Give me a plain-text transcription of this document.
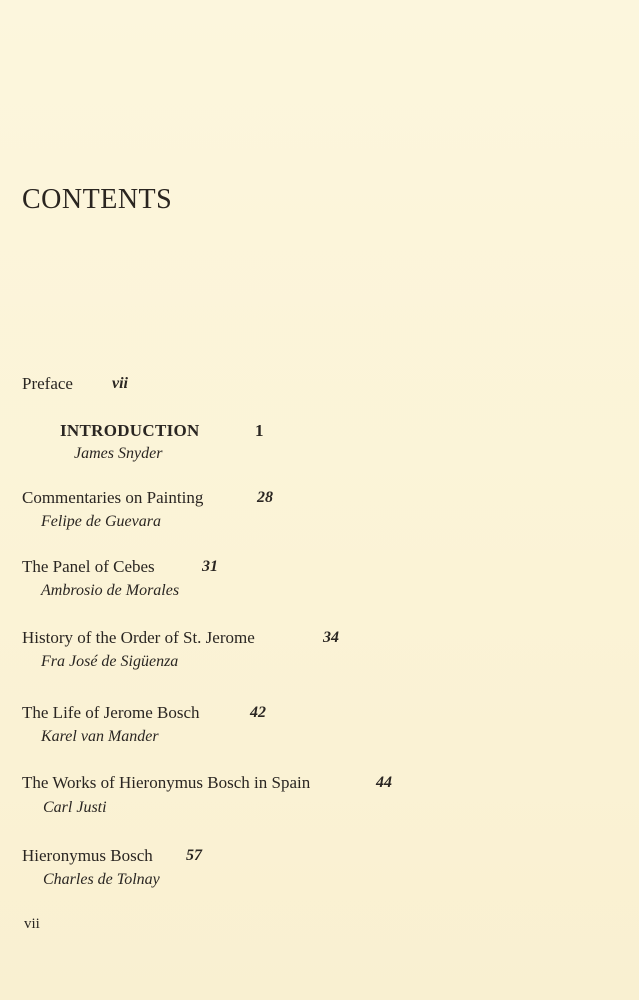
CONTENTS
Preface vii
INTRODUCTION	1
James Snyder
Commentaries on Painting	28
Felipe de Guevara
The Panel of Cebes	31
Ambrosio de Morales
History of the Order of St. Jerome	34
Fra José de Sigüenza
The Life of Jerome Bosch	42
Karel van Mander
The Works of Hieronymus Bosch in Spain	44
Carl Justi
Hieronymus Bosch 57
Charles de Tolnay
vii
